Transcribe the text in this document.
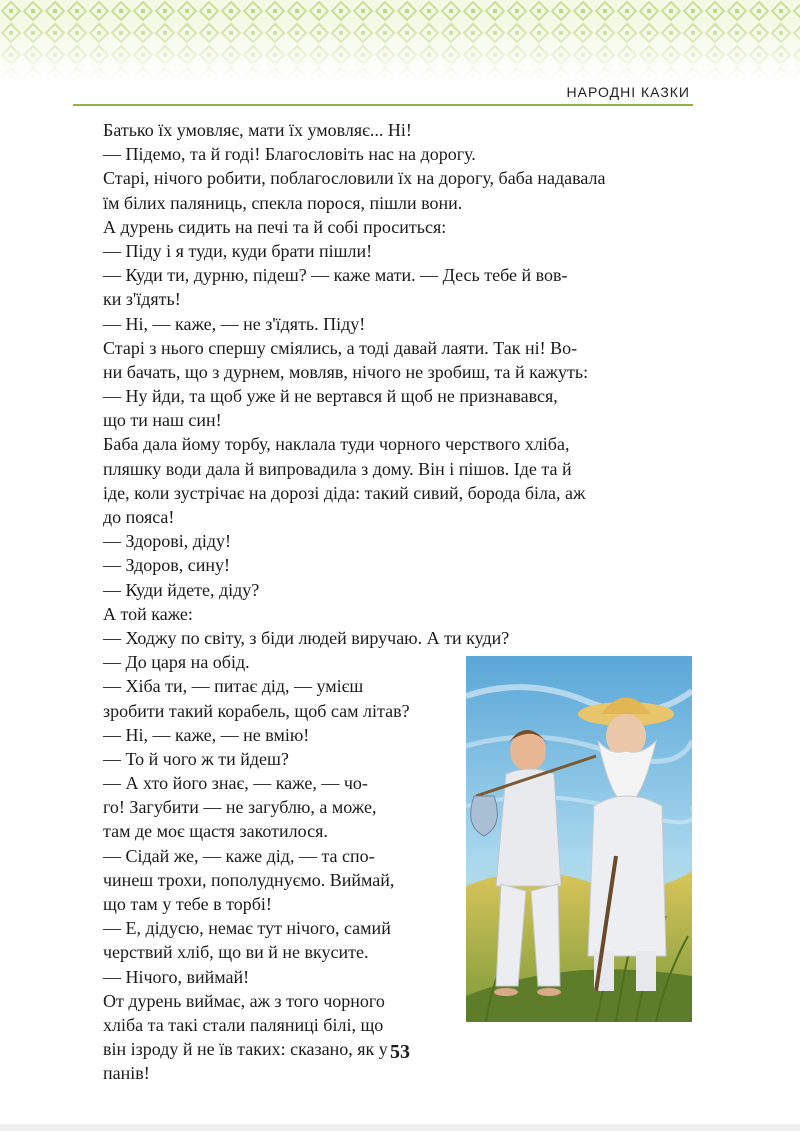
НАРОДНІ КАЗКИ
Батько їх умовляє, мати їх умовляє... Ні!
— Підемо, та й годі! Благословіть нас на дорогу.
Старі, нічого робити, поблагословили їх на дорогу, баба надавала
їм білих паляниць, спекла порося, пішли вони.
А дурень сидить на печі та й собі проситься:
— Піду і я туди, куди брати пішли!
— Куди ти, дурню, підеш? — каже мати. — Десь тебе й вов-
ки з'їдять!
— Ні, — каже, — не з'їдять. Піду!
Старі з нього спершу сміялись, а тоді давай лаяти. Так ні! Во-
ни бачать, що з дурнем, мовляв, нічого не зробиш, та й кажуть:
— Ну йди, та щоб уже й не вертався й щоб не признавався,
що ти наш син!
Баба дала йому торбу, наклала туди чорного черствого хліба,
пляшку води дала й випровадила з дому. Він і пішов. Іде та й
іде, коли зустрічає на дорозі діда: такий сивий, борода біла, аж
до пояса!
— Здорові, діду!
— Здоров, сину!
— Куди йдете, діду?
А той каже:
— Ходжу по світу, з біди людей виручаю. А ти куди?
— До царя на обід.
— Хіба ти, — питає дід, — умієш
зробити такий корабель, щоб сам літав?
— Ні, — каже, — не вмію!
— То й чого ж ти йдеш?
— А хто його знає, — каже, — чо-
го! Загубити — не загублю, а може,
там де моє щастя закотилося.
— Сідай же, — каже дід, — та спо-
чинеш трохи, пополуднуємо. Виймай,
що там у тебе в торбі!
— Е, дідусю, немає тут нічого, самий
черствий хліб, що ви й не вкусите.
— Нічого, виймай!
От дурень виймає, аж з того чорного
хліба та такі стали паляниці білі, що
він ізроду й не їв таких: сказано, як у
панів!
53
